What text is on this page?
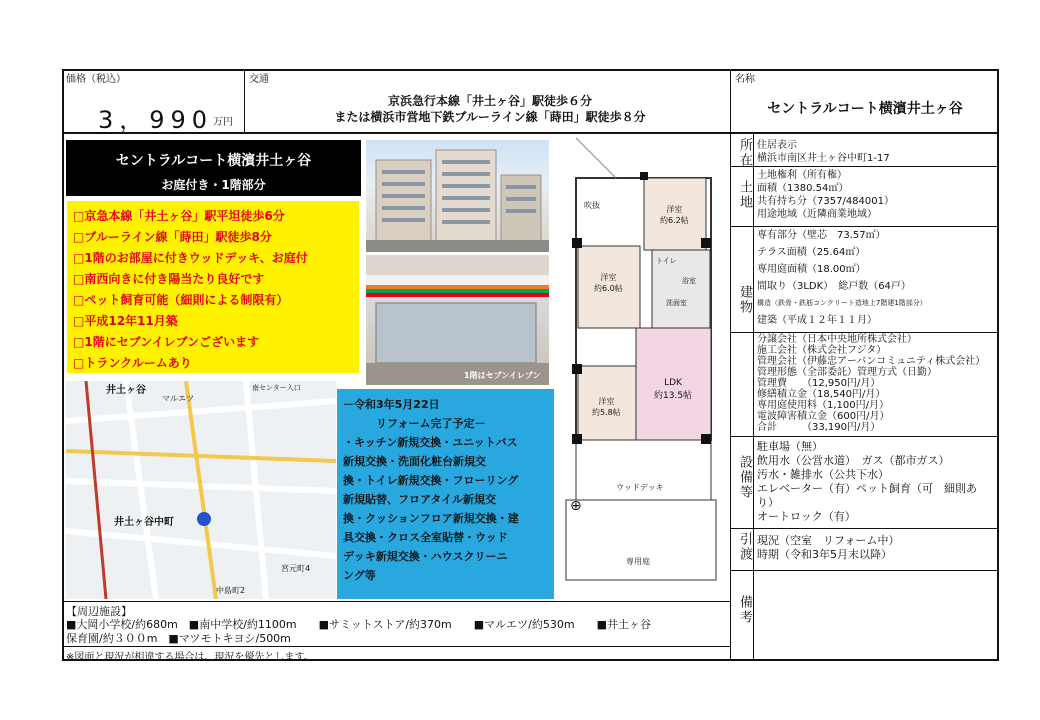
価格（税込）
3，990 万円
交通
京浜急行本線「井土ヶ谷」駅徒歩６分
または横浜市営地下鉄ブルーライン線「蒔田」駅徒歩８分
名称
セントラルコート横濱井土ヶ谷
セントラルコート横濱井土ヶ谷
お庭付き・1階部分
□京急本線「井土ヶ谷」駅平坦徒歩6分
□ブルーライン線「蒔田」駅徒歩8分
□1階のお部屋に付きウッドデッキ、お庭付
□南西向きに付き陽当たり良好です
□ペット飼育可能（細則による制限有）
□平成12年11月築
□1階にセブンイレブンございます
□トランクルームあり
1階はセブンイレブン
井土ヶ谷
井土ヶ谷中町
南センター入口
宮元町4
中島町2
マルエツ	－令和3年5月22日
　　　リフォーム完了予定－
・キッチン新規交換・ユニットバス
新規交換・洗面化粧台新規交
換・トイレ新規交換・フローリング
新規貼替、フロアタイル新規交
換・クッションフロア新規交換・建
具交換・クロス全室貼替・ウッド
デッキ新規交換・ハウスクリーニ
ング等
洋室
約6.2帖
洋室
約6.0帖
洋室
約5.8帖
LDK
約13.5帖
ウッドデッキ
専用庭
吹抜
トイレ
浴室
洗面室
⊕
所在
土地
建物
設備等
引渡
備考
住居表示
横浜市南区井土ヶ谷中町1-17
土地権利（所有権）
面積（1380.54㎡）
共有持ち分（7357/484001）
用途地域（近隣商業地域）
専有部分（壁芯　73.57㎡）
テラス面積（25.64㎡）
専用庭面積（18.00㎡）
間取り（3LDK）　総戸数（64戸）
構造（鉄骨・鉄筋コンクリート造地上7階建1階部分）
建築（平成１２年１１月）
分譲会社（日本中央地所株式会社）
施工会社（株式会社フジタ）
管理会社（伊藤忠アーバンコミュニティ株式会社）
管理形態（全部委託）管理方式（日勤）
管理費　　（12,950円/月）
修繕積立金（18,540円/月）
専用庭使用料（1,100円/月）
電波障害積立金（600円/月）
合計　　　（33,190円/月）
駐車場（無）
飲用水（公営水道）　ガス（都市ガス）
汚水・雑排水（公共下水）
エレベーター（有）ペット飼育（可　細則あ
り）
オートロック（有）
現況（空室　リフォーム中）
時期（令和3年5月末以降）
【周辺施設】
■大岡小学校/約680m　■南中学校/約1100m　　■サミットストア/約370m　　■マルエツ/約530m　　■井土ヶ谷
保育園/約３００m　■マツモトキヨシ/500m
※図面と現況が相違する場合は、現況を優先とします。
